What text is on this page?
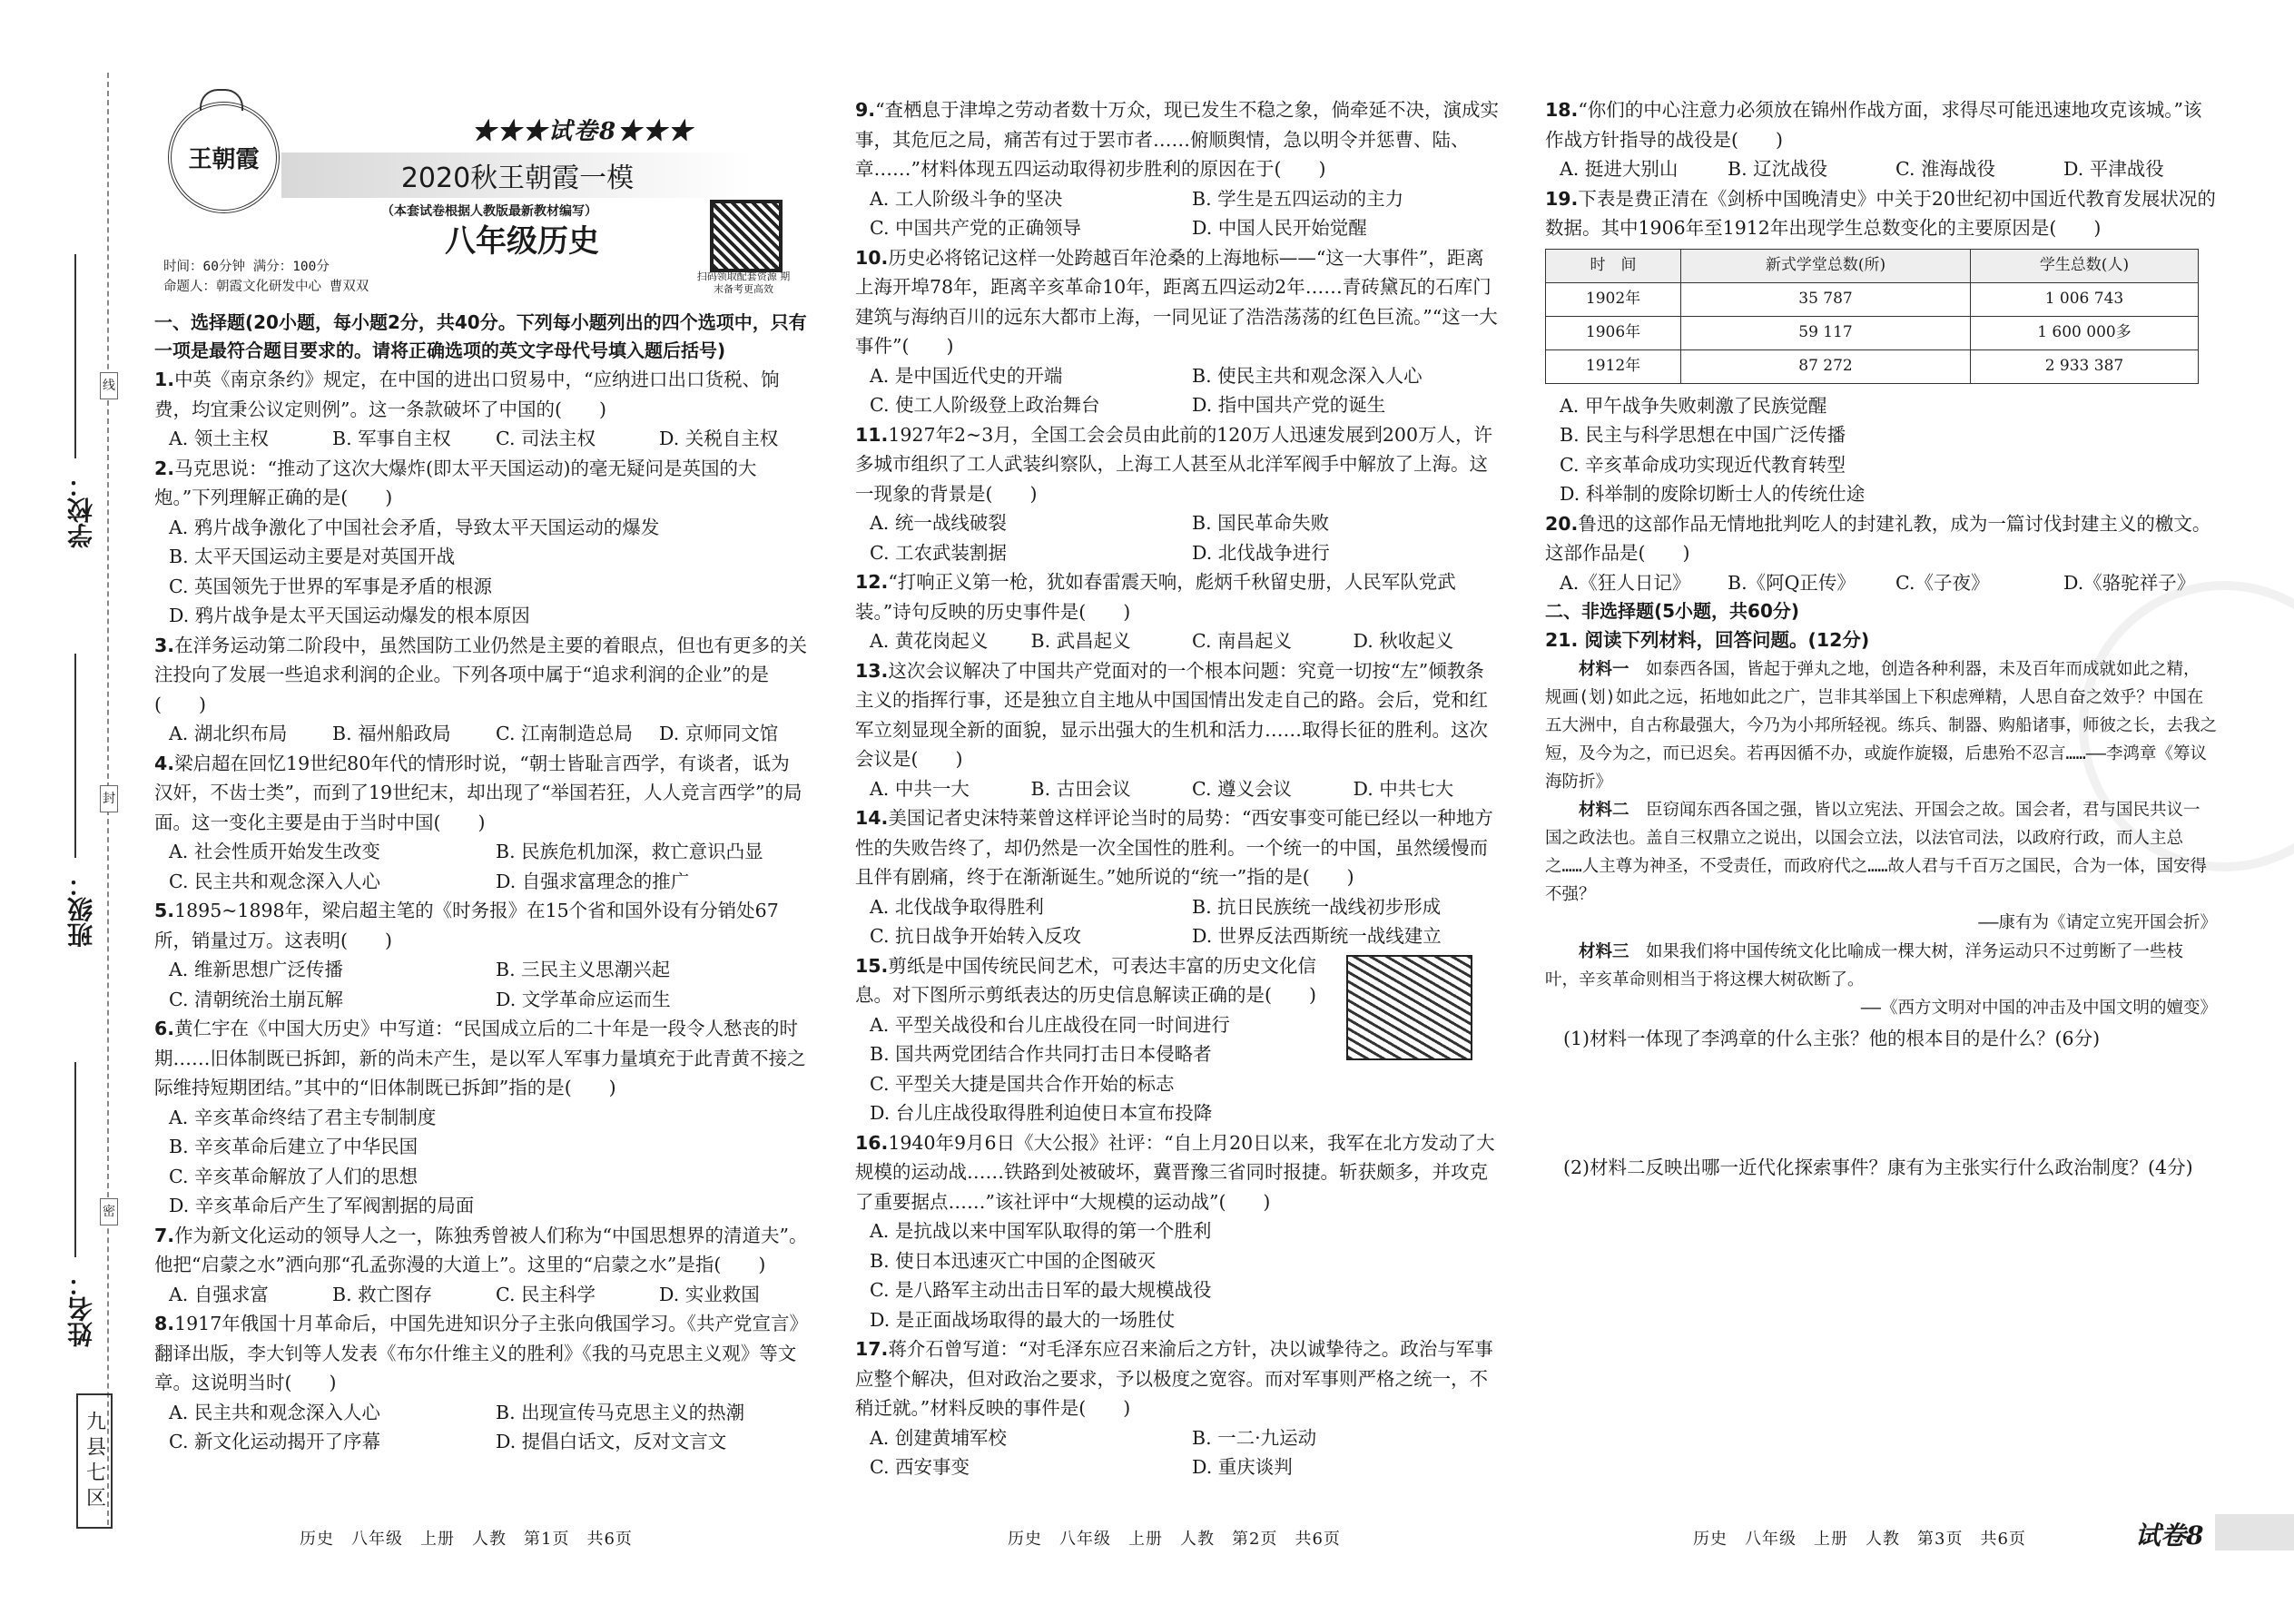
线
封
密
学校：
班级：
姓名：
九县七区
王朝霞
★★★试卷8★★★
2020秋王朝霞一模
（本套试卷根据人教版最新教材编写）
八年级历史
扫码领取配套资源 期末备考更高效
时间：60分钟 满分：100分
命题人：朝霞文化研发中心 曹双双
一、选择题(20小题，每小题2分，共40分。下列每小题列出的四个选项中，只有一项是最符合题目要求的。请将正确选项的英文字母代号填入题后括号)
1.中英《南京条约》规定，在中国的进出口贸易中，“应纳进口出口货税、饷费，均宜秉公议定则例”。这一条款破坏了中国的(　　)
A. 领土主权	B. 军事自主权	C. 司法主权	D. 关税自主权
2.马克思说：“推动了这次大爆炸(即太平天国运动)的毫无疑问是英国的大炮。”下列理解正确的是(　　)
A. 鸦片战争激化了中国社会矛盾，导致太平天国运动的爆发
B. 太平天国运动主要是对英国开战
C. 英国领先于世界的军事是矛盾的根源
D. 鸦片战争是太平天国运动爆发的根本原因
3.在洋务运动第二阶段中，虽然国防工业仍然是主要的着眼点，但也有更多的关注投向了发展一些追求利润的企业。下列各项中属于“追求利润的企业”的是(　　)
A. 湖北织布局	B. 福州船政局	C. 江南制造总局	D. 京师同文馆
4.梁启超在回忆19世纪80年代的情形时说，“朝士皆耻言西学，有谈者，诋为汉奸，不齿士类”，而到了19世纪末，却出现了“举国若狂，人人竞言西学”的局面。这一变化主要是由于当时中国(　　)
A. 社会性质开始发生改变	B. 民族危机加深，救亡意识凸显
C. 民主共和观念深入人心	D. 自强求富理念的推广
5.1895~1898年，梁启超主笔的《时务报》在15个省和国外设有分销处67所，销量过万。这表明(　　)
A. 维新思想广泛传播	B. 三民主义思潮兴起
C. 清朝统治土崩瓦解	D. 文学革命应运而生
6.黄仁宇在《中国大历史》中写道：“民国成立后的二十年是一段令人愁丧的时期……旧体制既已拆卸，新的尚未产生，是以军人军事力量填充于此青黄不接之际维持短期团结。”其中的“旧体制既已拆卸”指的是(　　)
A. 辛亥革命终结了君主专制制度
B. 辛亥革命后建立了中华民国
C. 辛亥革命解放了人们的思想
D. 辛亥革命后产生了军阀割据的局面
7.作为新文化运动的领导人之一，陈独秀曾被人们称为“中国思想界的清道夫”。他把“启蒙之水”洒向那“孔孟弥漫的大道上”。这里的“启蒙之水”是指(　　)
A. 自强求富	B. 救亡图存	C. 民主科学	D. 实业救国
8.1917年俄国十月革命后，中国先进知识分子主张向俄国学习。《共产党宣言》翻译出版，李大钊等人发表《布尔什维主义的胜利》《我的马克思主义观》等文章。这说明当时(　　)
A. 民主共和观念深入人心	B. 出现宣传马克思主义的热潮
C. 新文化运动揭开了序幕	D. 提倡白话文，反对文言文
9.“査栖息于津埠之劳动者数十万众，现已发生不稳之象，倘牵延不决，演成实事，其危厄之局，痛苦有过于罢市者……俯顺舆情，急以明令并惩曹、陆、章……”材料体现五四运动取得初步胜利的原因在于(　　)
A. 工人阶级斗争的坚决	B. 学生是五四运动的主力
C. 中国共产党的正确领导	D. 中国人民开始觉醒
10.历史必将铭记这样一处跨越百年沧桑的上海地标——“这一大事件”，距离上海开埠78年，距离辛亥革命10年，距离五四运动2年……青砖黛瓦的石库门建筑与海纳百川的远东大都市上海，一同见证了浩浩荡荡的红色巨流。”“这一大事件”(　　)
A. 是中国近代史的开端	B. 使民主共和观念深入人心
C. 使工人阶级登上政治舞台	D. 指中国共产党的诞生
11.1927年2~3月，全国工会会员由此前的120万人迅速发展到200万人，许多城市组织了工人武装纠察队，上海工人甚至从北洋军阀手中解放了上海。这一现象的背景是(　　)
A. 统一战线破裂	B. 国民革命失败
C. 工农武装割据	D. 北伐战争进行
12.“打响正义第一枪，犹如春雷震天响，彪炳千秋留史册，人民军队党武装。”诗句反映的历史事件是(　　)
A. 黄花岗起义	B. 武昌起义	C. 南昌起义	D. 秋收起义
13.这次会议解决了中国共产党面对的一个根本问题：究竟一切按“左”倾教条主义的指挥行事，还是独立自主地从中国国情出发走自己的路。会后，党和红军立刻显现全新的面貌，显示出强大的生机和活力……取得长征的胜利。这次会议是(　　)
A. 中共一大	B. 古田会议	C. 遵义会议	D. 中共七大
14.美国记者史沫特莱曾这样评论当时的局势：“西安事变可能已经以一种地方性的失败告终了，却仍然是一次全国性的胜利。一个统一的中国，虽然缓慢而且伴有剧痛，终于在渐渐诞生。”她所说的“统一”指的是(　　)
A. 北伐战争取得胜利	B. 抗日民族统一战线初步形成
C. 抗日战争开始转入反攻	D. 世界反法西斯统一战线建立
15.剪纸是中国传统民间艺术，可表达丰富的历史文化信息。对下图所示剪纸表达的历史信息解读正确的是(　　)
A. 平型关战役和台儿庄战役在同一时间进行
B. 国共两党团结合作共同打击日本侵略者
C. 平型关大捷是国共合作开始的标志
D. 台儿庄战役取得胜利迫使日本宣布投降
16.1940年9月6日《大公报》社评：“自上月20日以来，我军在北方发动了大规模的运动战……铁路到处被破坏，冀晋豫三省同时报捷。斩获颇多，并攻克了重要据点……”该社评中“大规模的运动战”(　　)
A. 是抗战以来中国军队取得的第一个胜利
B. 使日本迅速灭亡中国的企图破灭
C. 是八路军主动出击日军的最大规模战役
D. 是正面战场取得的最大的一场胜仗
17.蒋介石曾写道：“对毛泽东应召来渝后之方针，决以诚挚待之。政治与军事应整个解决，但对政治之要求，予以极度之宽容。而对军事则严格之统一，不稍迁就。”材料反映的事件是(　　)
A. 创建黄埔军校	B. 一二·九运动
C. 西安事变	D. 重庆谈判
18.“你们的中心注意力必须放在锦州作战方面，求得尽可能迅速地攻克该城。”该作战方针指导的战役是(　　)
A. 挺进大别山	B. 辽沈战役	C. 淮海战役	D. 平津战役
19.下表是费正清在《剑桥中国晚清史》中关于20世纪初中国近代教育发展状况的数据。其中1906年至1912年出现学生总数变化的主要原因是(　　)
时　间	新式学堂总数(所)	学生总数(人)
1902年	35 787	1 006 743
1906年	59 117	1 600 000多
1912年	87 272	2 933 387
A. 甲午战争失败刺激了民族觉醒
B. 民主与科学思想在中国广泛传播
C. 辛亥革命成功实现近代教育转型
D. 科举制的废除切断士人的传统仕途
20.鲁迅的这部作品无情地批判吃人的封建礼教，成为一篇讨伐封建主义的檄文。这部作品是(　　)
A.《狂人日记》	B.《阿Q正传》	C.《子夜》	D.《骆驼祥子》
二、非选择题(5小题，共60分)
21. 阅读下列材料，回答问题。(12分)

材料一　 如泰西各国，皆起于弹丸之地，创造各种利器，未及百年而成就如此之精，规画(划)如此之远，拓地如此之广，岂非其举国上下积虑殚精，人思自奋之效乎？中国在五大洲中，自古称最强大，今乃为小邦所轻视。练兵、制器、购船诸事，师彼之长，去我之短，及今为之，而已迟矣。若再因循不办，或旋作旋辍，后患殆不忍言……——李鸿章《筹议海防折》

材料二　 臣窃闻东西各国之强，皆以立宪法、开国会之故。国会者，君与国民共议一国之政法也。盖自三权鼎立之说出，以国会立法，以法官司法，以政府行政，而人主总之……人主尊为神圣，不受责任，而政府代之……故人君与千百万之国民，合为一体，国安得不强？

——康有为《请定立宪开国会折》

材料三　 如果我们将中国传统文化比喻成一棵大树，洋务运动只不过剪断了一些枝叶，辛亥革命则相当于将这棵大树砍断了。

——《西方文明对中国的冲击及中国文明的嬗变》

(1)材料一体现了李鸿章的什么主张？他的根本目的是什么？(6分)
(2)材料二反映出哪一近代化探索事件？康有为主张实行什么政治制度？(4分)
历史　八年级　上册　人教　第1页　共6页	历史　八年级　上册　人教　第2页　共6页	历史　八年级　上册　人教　第3页　共6页	试卷8
